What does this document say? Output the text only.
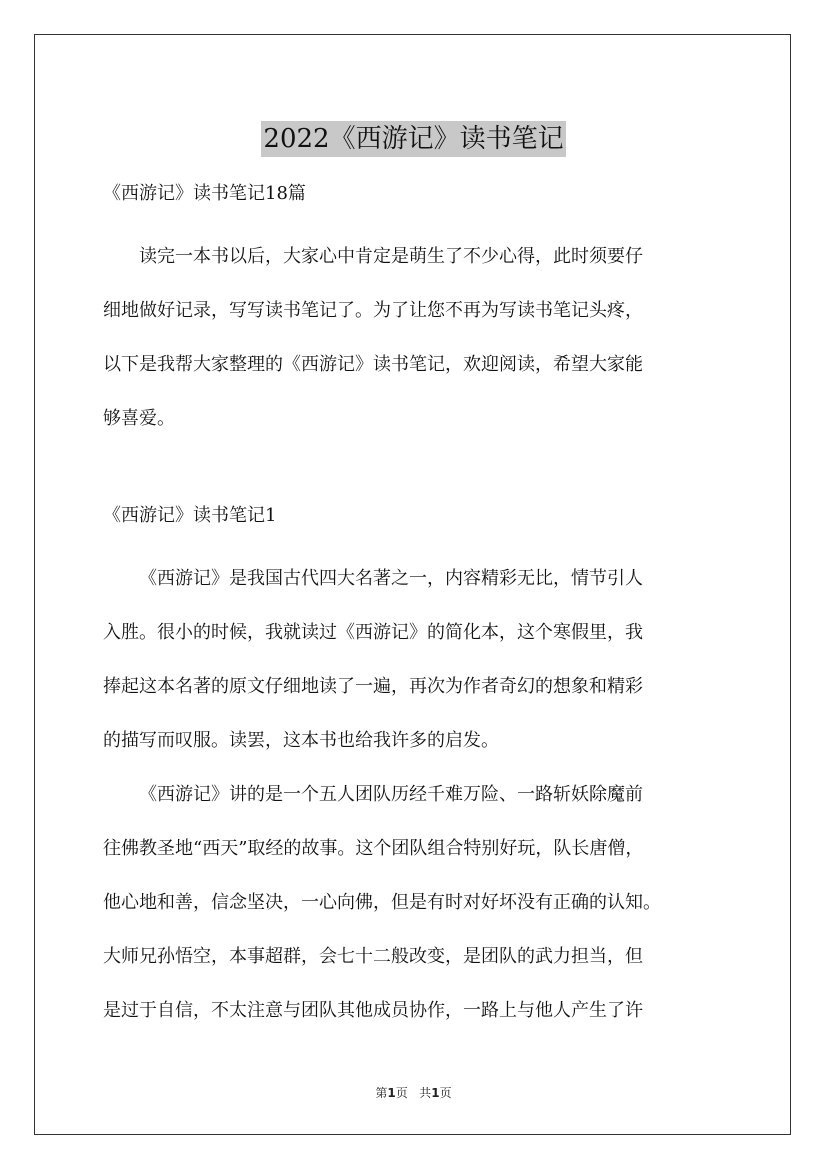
2022《西游记》读书笔记

《西游记》读书笔记18篇

读完一本书以后，大家心中肯定是萌生了不少心得，此时须要仔
细地做好记录，写写读书笔记了。为了让您不再为写读书笔记头疼，
以下是我帮大家整理的《西游记》读书笔记，欢迎阅读，希望大家能
够喜爱。

《西游记》读书笔记1

《西游记》是我国古代四大名著之一，内容精彩无比，情节引人
入胜。很小的时候，我就读过《西游记》的简化本，这个寒假里，我
捧起这本名著的原文仔细地读了一遍，再次为作者奇幻的想象和精彩
的描写而叹服。读罢，这本书也给我许多的启发。

《西游记》讲的是一个五人团队历经千难万险、一路斩妖除魔前
往佛教圣地“西天”取经的故事。这个团队组合特别好玩，队长唐僧，
他心地和善，信念坚决，一心向佛，但是有时对好坏没有正确的认知。
大师兄孙悟空，本事超群，会七十二般改变，是团队的武力担当，但
是过于自信，不太注意与团队其他成员协作，一路上与他人产生了许

第1页 共1页
